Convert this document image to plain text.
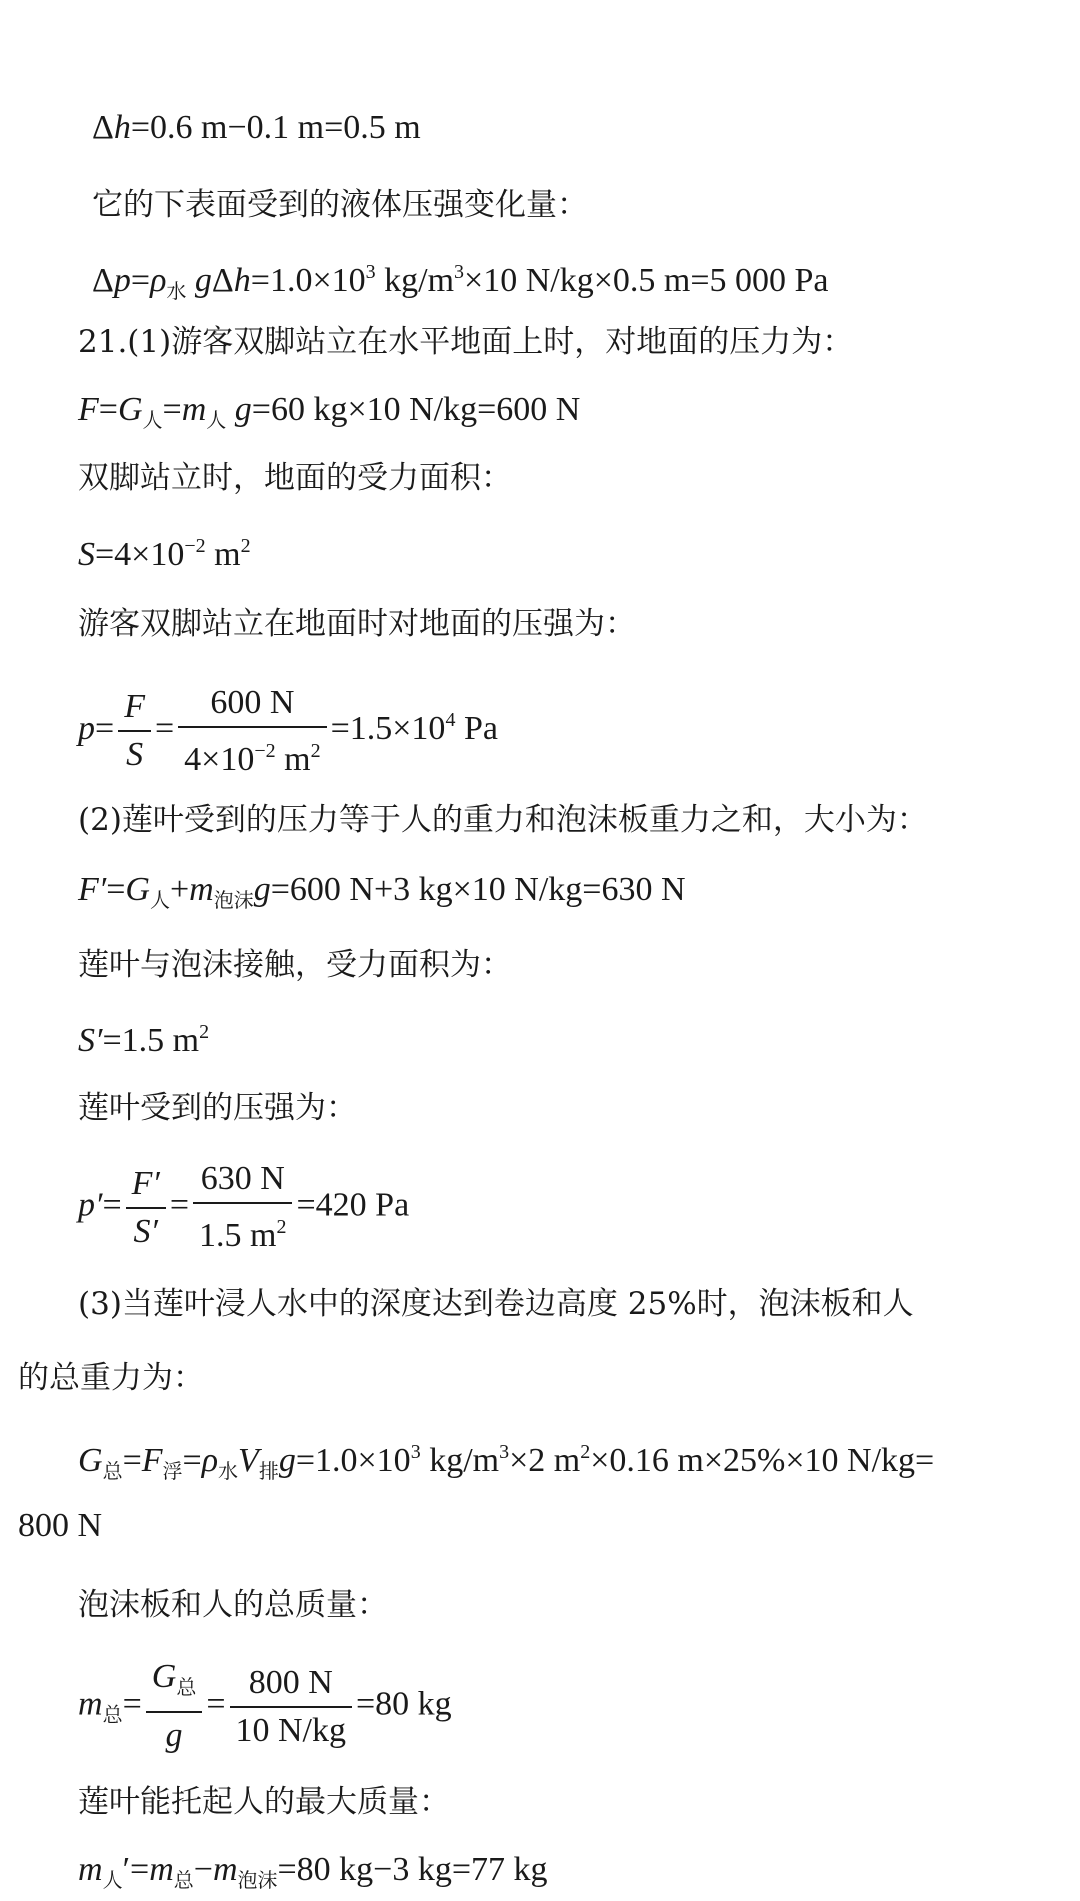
Δh=0.6 m−0.1 m=0.5 m
它的下表面受到的液体压强变化量：
$\Delta p=\rho_水$ $g\Delta h=1.0\times 10^3$ $kg/m^3\times 10$ N/kg×0.5 m=5 000 Pa
21.(1)游客双脚站立在水平地面上时，对地面的压力为：
$F=G_人=m_人$ g=60 kg×10 N/kg=600 N
双脚站立时，地面的受力面积：
$S=4\times 10^{-2}$ $m^2$
游客双脚站立在地面时对地面的压强为：
$p= \frac{F}{S} = \frac{600 N}{4\times 10^{-2} m^2} =1.5\times 10^4$ Pa
(2)莲叶受到的压力等于人的重力和泡沫板重力之和，大小为：
$F'=G_人+m_{泡沫}g=600$ N+3 kg×10 N/kg=630 N
莲叶与泡沫接触，受力面积为：
S′=1.5 $m^2$
莲叶受到的压强为：
$p'= \frac{F'}{S'} = \frac{630 N}{1.5 m^2} =420$ Pa
(3)当莲叶浸人水中的深度达到卷边高度 25%时，泡沫板和人
的总重力为：
$G_总=F_浮=\rho_水V_排g=1.0\times 10^3$ $kg/m^3\times 2$ $m^2\times 0.16$ m×25%×10 N/kg=
800 N
泡沫板和人的总质量：
$m_总= \frac{G_总}{g} = \frac{800 N}{10 N/kg} =80$ kg
莲叶能托起人的最大质量：
$m_人'=m_总-m_{泡沫}=80$ kg−3 kg=77 kg
